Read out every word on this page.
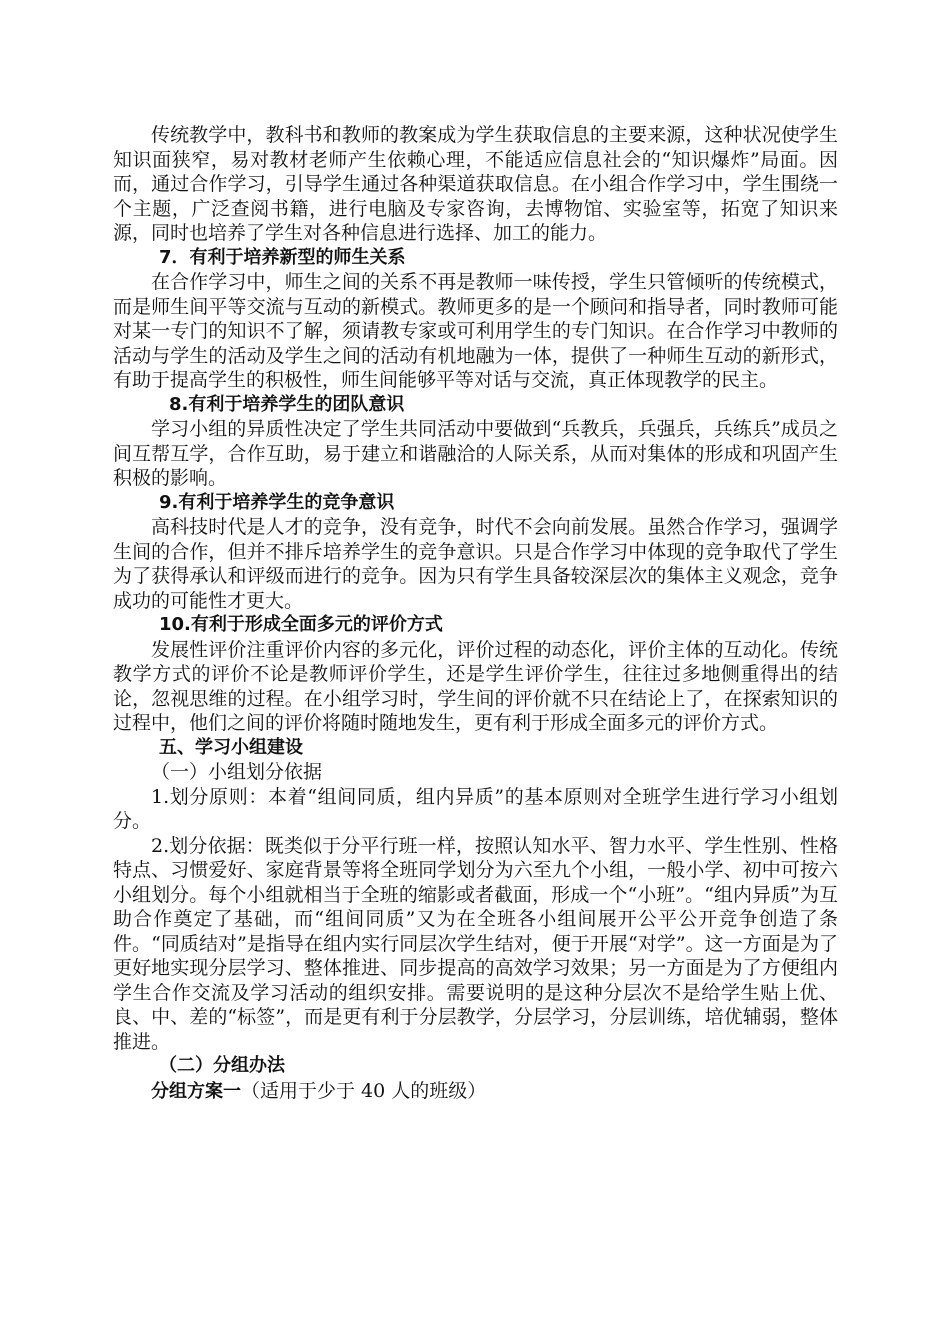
传统教学中，教科书和教师的教案成为学生获取信息的主要来源，这种状况使学生知识面狭窄，易对教材老师产生依赖心理，不能适应信息社会的“知识爆炸”局面。因而，通过合作学习，引导学生通过各种渠道获取信息。在小组合作学习中，学生围绕一个主题，广泛查阅书籍，进行电脑及专家咨询，去博物馆、实验室等，拓宽了知识来源，同时也培养了学生对各种信息进行选择、加工的能力。

7．有利于培养新型的师生关系

在合作学习中，师生之间的关系不再是教师一味传授，学生只管倾听的传统模式，而是师生间平等交流与互动的新模式。教师更多的是一个顾问和指导者，同时教师可能对某一专门的知识不了解，须请教专家或可利用学生的专门知识。在合作学习中教师的活动与学生的活动及学生之间的活动有机地融为一体，提供了一种师生互动的新形式，有助于提高学生的积极性，师生间能够平等对话与交流，真正体现教学的民主。

8.有利于培养学生的团队意识

学习小组的异质性决定了学生共同活动中要做到“兵教兵，兵强兵，兵练兵”成员之间互帮互学，合作互助，易于建立和谐融洽的人际关系，从而对集体的形成和巩固产生积极的影响。

9.有利于培养学生的竞争意识

高科技时代是人才的竞争，没有竞争，时代不会向前发展。虽然合作学习，强调学生间的合作，但并不排斥培养学生的竞争意识。只是合作学习中体现的竞争取代了学生为了获得承认和评级而进行的竞争。因为只有学生具备较深层次的集体主义观念，竞争成功的可能性才更大。

10.有利于形成全面多元的评价方式

发展性评价注重评价内容的多元化，评价过程的动态化，评价主体的互动化。传统教学方式的评价不论是教师评价学生，还是学生评价学生，往往过多地侧重得出的结论，忽视思维的过程。在小组学习时，学生间的评价就不只在结论上了，在探索知识的过程中，他们之间的评价将随时随地发生，更有利于形成全面多元的评价方式。

五、学习小组建设

（一）小组划分依据

1.划分原则：本着“组间同质，组内异质”的基本原则对全班学生进行学习小组划分。

2.划分依据：既类似于分平行班一样，按照认知水平、智力水平、学生性别、性格特点、习惯爱好、家庭背景等将全班同学划分为六至九个小组，一般小学、初中可按六小组划分。每个小组就相当于全班的缩影或者截面，形成一个“小班”。“组内异质”为互助合作奠定了基础，而“组间同质”又为在全班各小组间展开公平公开竞争创造了条件。“同质结对”是指导在组内实行同层次学生结对，便于开展“对学”。这一方面是为了更好地实现分层学习、整体推进、同步提高的高效学习效果；另一方面是为了方便组内学生合作交流及学习活动的组织安排。需要说明的是这种分层次不是给学生贴上优、良、中、差的“标签”，而是更有利于分层教学，分层学习，分层训练，培优辅弱，整体推进。

（二）分组办法

分组方案一（适用于少于 40 人的班级）
